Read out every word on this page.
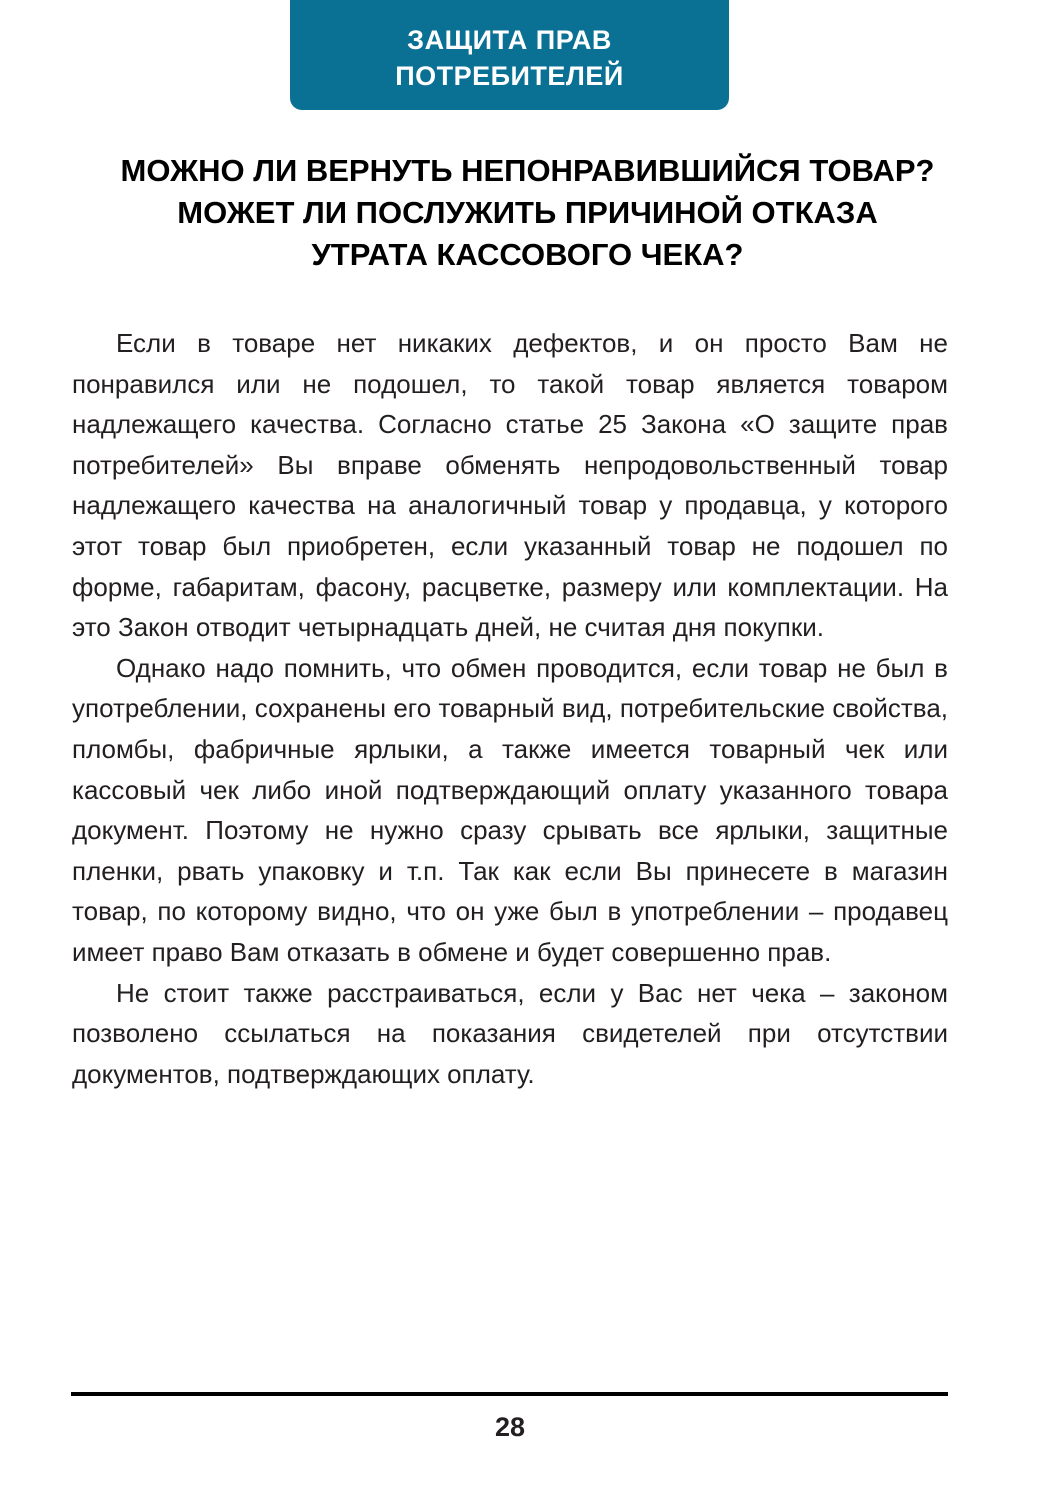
ЗАЩИТА ПРАВ
ПОТРЕБИТЕЛЕЙ
МОЖНО ЛИ ВЕРНУТЬ НЕПОНРАВИВШИЙСЯ ТОВАР?
МОЖЕТ ЛИ ПОСЛУЖИТЬ ПРИЧИНОЙ ОТКАЗА
УТРАТА КАССОВОГО ЧЕКА?

Если в товаре нет никаких дефектов, и он просто Вам не понравился или не подошел, то такой товар является товаром надлежащего качества. Согласно статье 25 Закона «О защите прав потребителей» Вы вправе обменять непродовольственный товар надлежащего качества на аналогичный товар у продавца, у которого этот товар был приобретен, если указанный товар не подошел по форме, габаритам, фасону, расцветке, размеру или комплектации. На это Закон отводит четырнадцать дней, не считая дня покупки.

Однако надо помнить, что обмен проводится, если товар не был в употреблении, сохранены его товарный вид, потребительские свойства, пломбы, фабричные ярлыки, а также имеется товарный чек или кассовый чек либо иной подтверждающий оплату указанного товара документ. Поэтому не нужно сразу срывать все ярлыки, защитные пленки, рвать упаковку и т.п. Так как если Вы принесете в магазин товар, по которому видно, что он уже был в употреблении – продавец имеет право Вам отказать в обмене и будет совершенно прав.

Не стоит также расстраиваться, если у Вас нет чека – законом позволено ссылаться на показания свидетелей при отсутствии документов, подтверждающих оплату.

28
